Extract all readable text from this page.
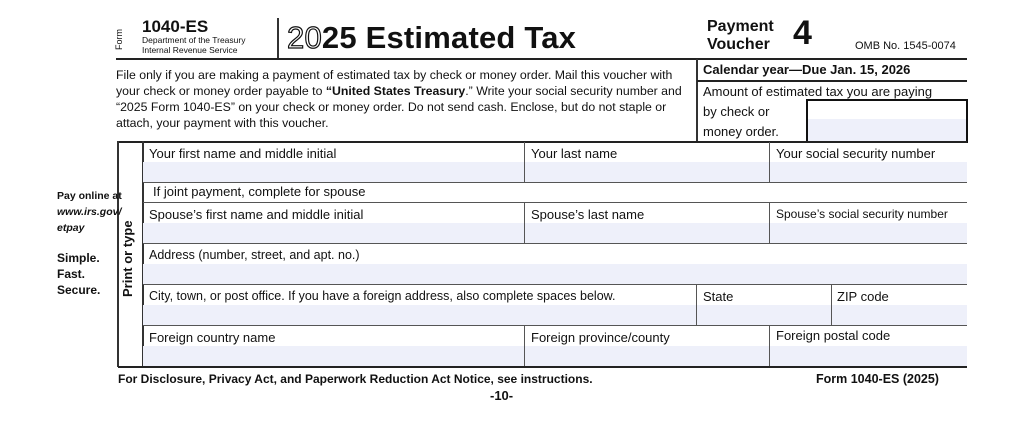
Form
1040-ES
Department of the Treasury
Internal Revenue Service 2025 Estimated Tax	Payment
Voucher 4	OMB No. 1545-0074
File only if you are making a payment of estimated tax by check or money order. Mail this voucher with your check or money order payable to “United States Treasury.” Write your social security number and “2025 Form 1040-ES” on your check or money order. Do not send cash. Enclose, but do not staple or attach, your payment with this voucher.
Calendar year—Due Jan. 15, 2026
Amount of estimated tax you are paying
by check or
money order.
Print or type
Your first name and middle initial	Your last name	Your social security number
If joint payment, complete for spouse
Spouse’s first name and middle initial	Spouse’s last name	Spouse’s social security number
Address (number, street, and apt. no.)
City, town, or post office. If you have a foreign address, also complete spaces below.	State	ZIP code
Foreign country name	Foreign province/county	Foreign postal code
Pay online at
www.irs.gov/
etpay
Simple.
Fast.
Secure.
For Disclosure, Privacy Act, and Paperwork Reduction Act Notice, see instructions.	Form 1040-ES (2025)
-10-
